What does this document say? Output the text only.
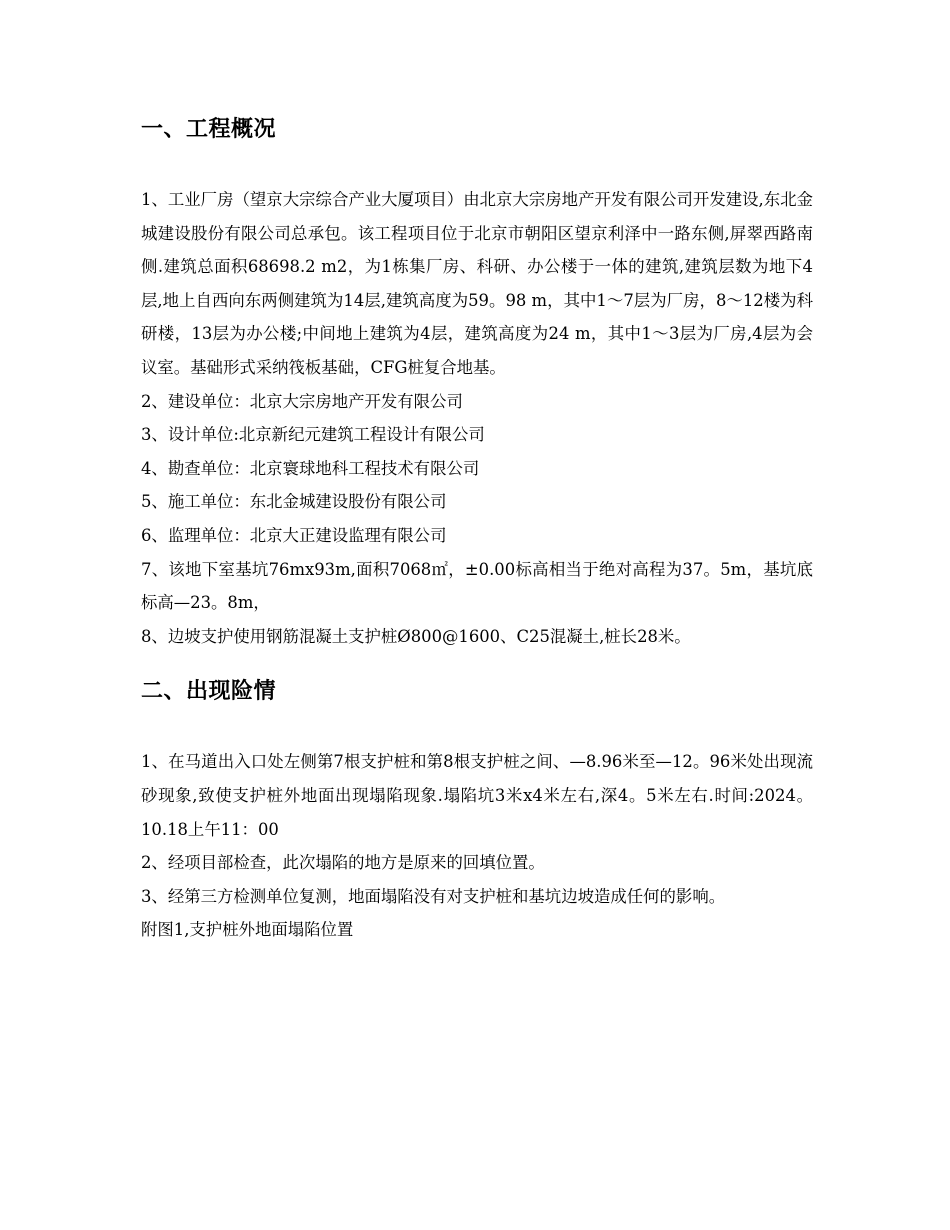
一、工程概况

1、工业厂房（望京大宗综合产业大厦项目）由北京大宗房地产开发有限公司开发建设,东北金城建设股份有限公司总承包。该工程项目位于北京市朝阳区望京利泽中一路东侧,屏翠西路南侧.建筑总面积68698.2 m2，为1栋集厂房、科研、办公楼于一体的建筑,建筑层数为地下4层,地上自西向东两侧建筑为14层,建筑高度为59。98 m，其中1～7层为厂房，8～12楼为科研楼，13层为办公楼;中间地上建筑为4层，建筑高度为24 m，其中1～3层为厂房,4层为会议室。基础形式采纳筏板基础，CFG桩复合地基。

2、建设单位：北京大宗房地产开发有限公司

3、设计单位:北京新纪元建筑工程设计有限公司

4、勘查单位：北京寰球地科工程技术有限公司

5、施工单位：东北金城建设股份有限公司

6、监理单位：北京大正建设监理有限公司

7、该地下室基坑76mx93m,面积7068㎡，±0.00标高相当于绝对高程为37。5m，基坑底标高—23。8m，

8、边坡支护使用钢筋混凝土支护桩Ø800@1600、C25混凝土,桩长28米。

二、出现险情

1、在马道出入口处左侧第7根支护桩和第8根支护桩之间、—8.96米至—12。96米处出现流砂现象,致使支护桩外地面出现塌陷现象.塌陷坑3米x4米左右,深4。5米左右.时间:2024。10.18上午11：00

2、经项目部检查，此次塌陷的地方是原来的回填位置。

3、经第三方检测单位复测，地面塌陷没有对支护桩和基坑边坡造成任何的影响。

附图1,支护桩外地面塌陷位置
